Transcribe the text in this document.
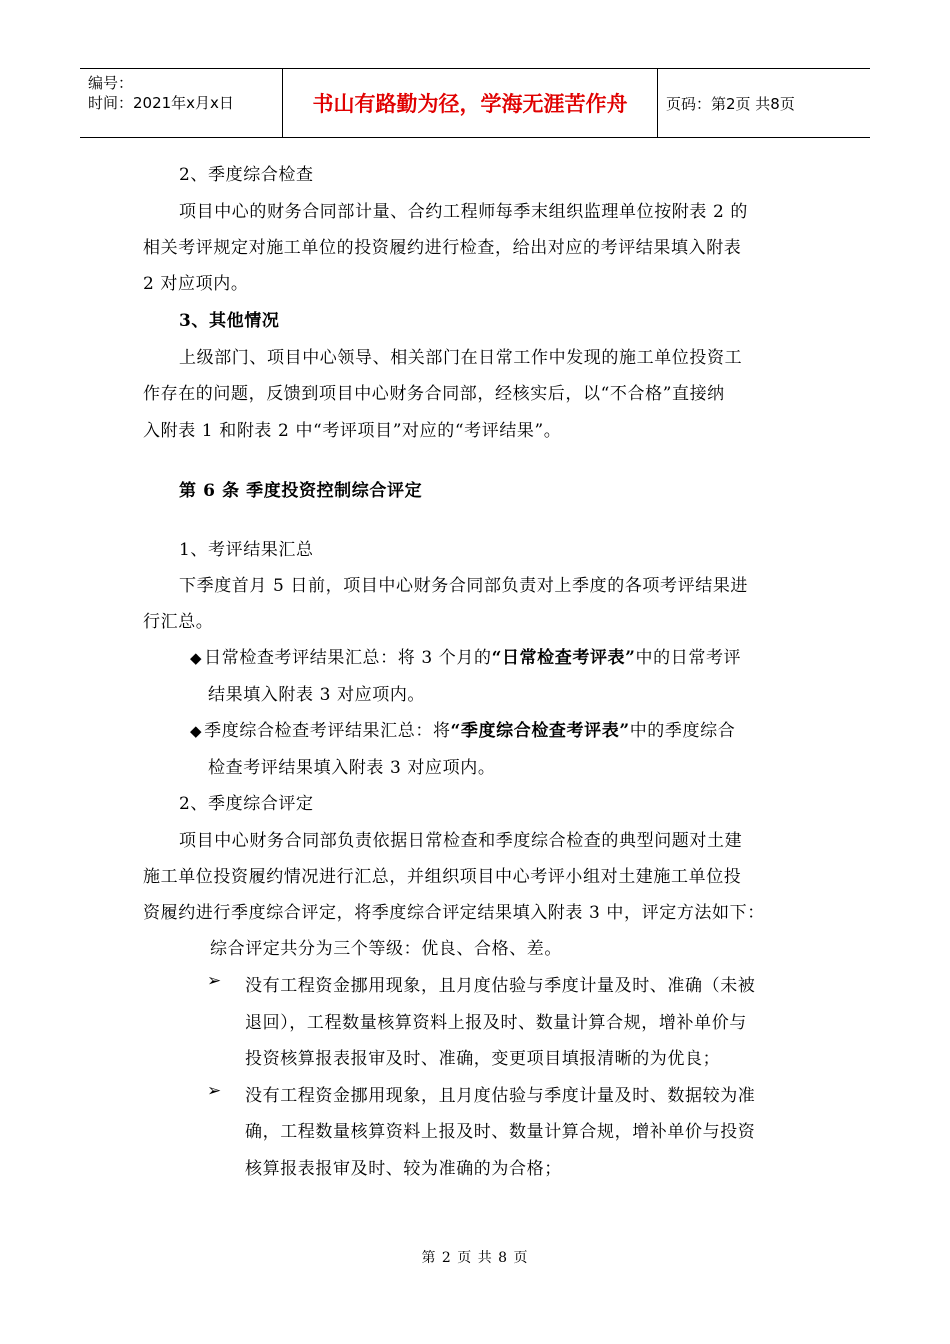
编号：
时间：2021年x月x日	书山有路勤为径，学海无涯苦作舟	页码：第2页 共8页
2、季度综合检查
项目中心的财务合同部计量、合约工程师每季末组织监理单位按附表 2 的
相关考评规定对施工单位的投资履约进行检查，给出对应的考评结果填入附表
2 对应项内。
3、其他情况
上级部门、项目中心领导、相关部门在日常工作中发现的施工单位投资工
作存在的问题，反馈到项目中心财务合同部，经核实后，以“不合格”直接纳
入附表 1 和附表 2 中“考评项目”对应的“考评结果”。
第 6 条 季度投资控制综合评定
1、考评结果汇总
下季度首月 5 日前，项目中心财务合同部负责对上季度的各项考评结果进
行汇总。
◆ 日常检查考评结果汇总：将 3 个月的“日常检查考评表”中的日常考评
结果填入附表 3 对应项内。
◆ 季度综合检查考评结果汇总：将“季度综合检查考评表”中的季度综合
检查考评结果填入附表 3 对应项内。
2、季度综合评定
项目中心财务合同部负责依据日常检查和季度综合检查的典型问题对土建
施工单位投资履约情况进行汇总，并组织项目中心考评小组对土建施工单位投
资履约进行季度综合评定，将季度综合评定结果填入附表 3 中，评定方法如下：
综合评定共分为三个等级：优良、合格、差。
➢ 没有工程资金挪用现象，且月度估验与季度计量及时、准确（未被
退回），工程数量核算资料上报及时、数量计算合规，增补单价与
投资核算报表报审及时、准确，变更项目填报清晰的为优良；
➢ 没有工程资金挪用现象，且月度估验与季度计量及时、数据较为准
确，工程数量核算资料上报及时、数量计算合规，增补单价与投资
核算报表报审及时、较为准确的为合格；
第 2 页 共 8 页
